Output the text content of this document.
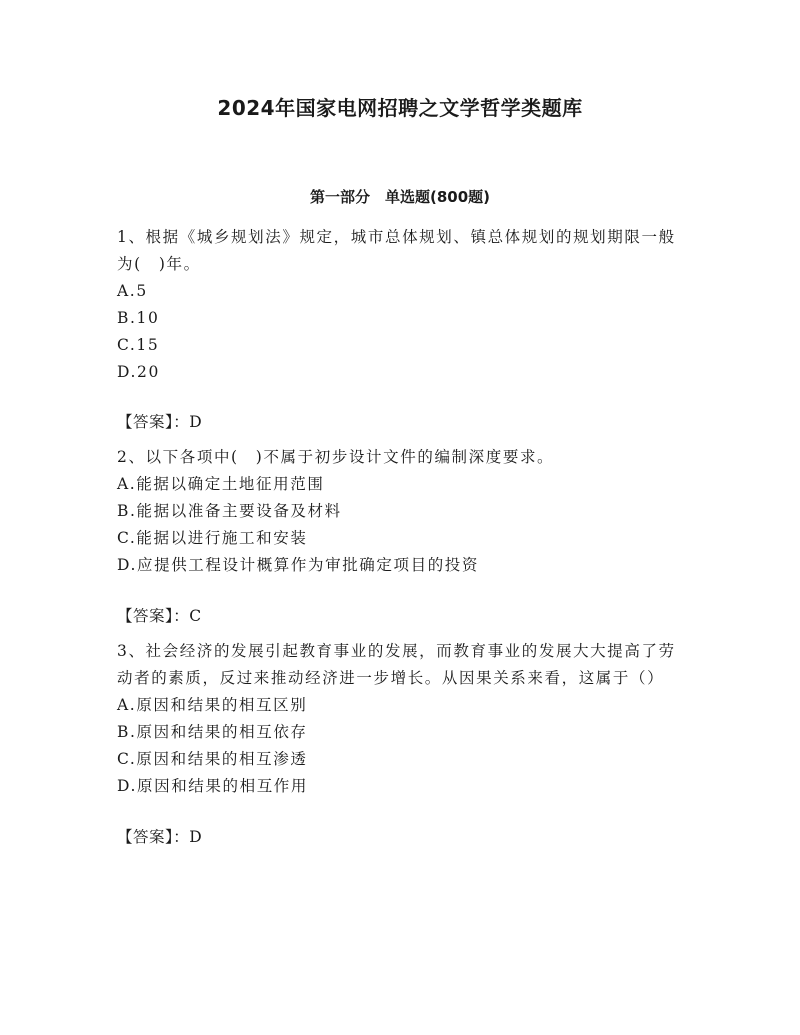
2024年国家电网招聘之文学哲学类题库
第一部分　单选题(800题)

1、根据《城乡规划法》规定，城市总体规划、镇总体规划的规划期限一般为(　)年。

A.5

B.10

C.15

D.20

【答案】：D

2、以下各项中(　)不属于初步设计文件的编制深度要求。

A.能据以确定土地征用范围

B.能据以准备主要设备及材料

C.能据以进行施工和安装

D.应提供工程设计概算作为审批确定项目的投资

【答案】：C

3、社会经济的发展引起教育事业的发展，而教育事业的发展大大提高了劳动者的素质，反过来推动经济进一步增长。从因果关系来看，这属于（）

A.原因和结果的相互区别

B.原因和结果的相互依存

C.原因和结果的相互渗透

D.原因和结果的相互作用

【答案】：D
